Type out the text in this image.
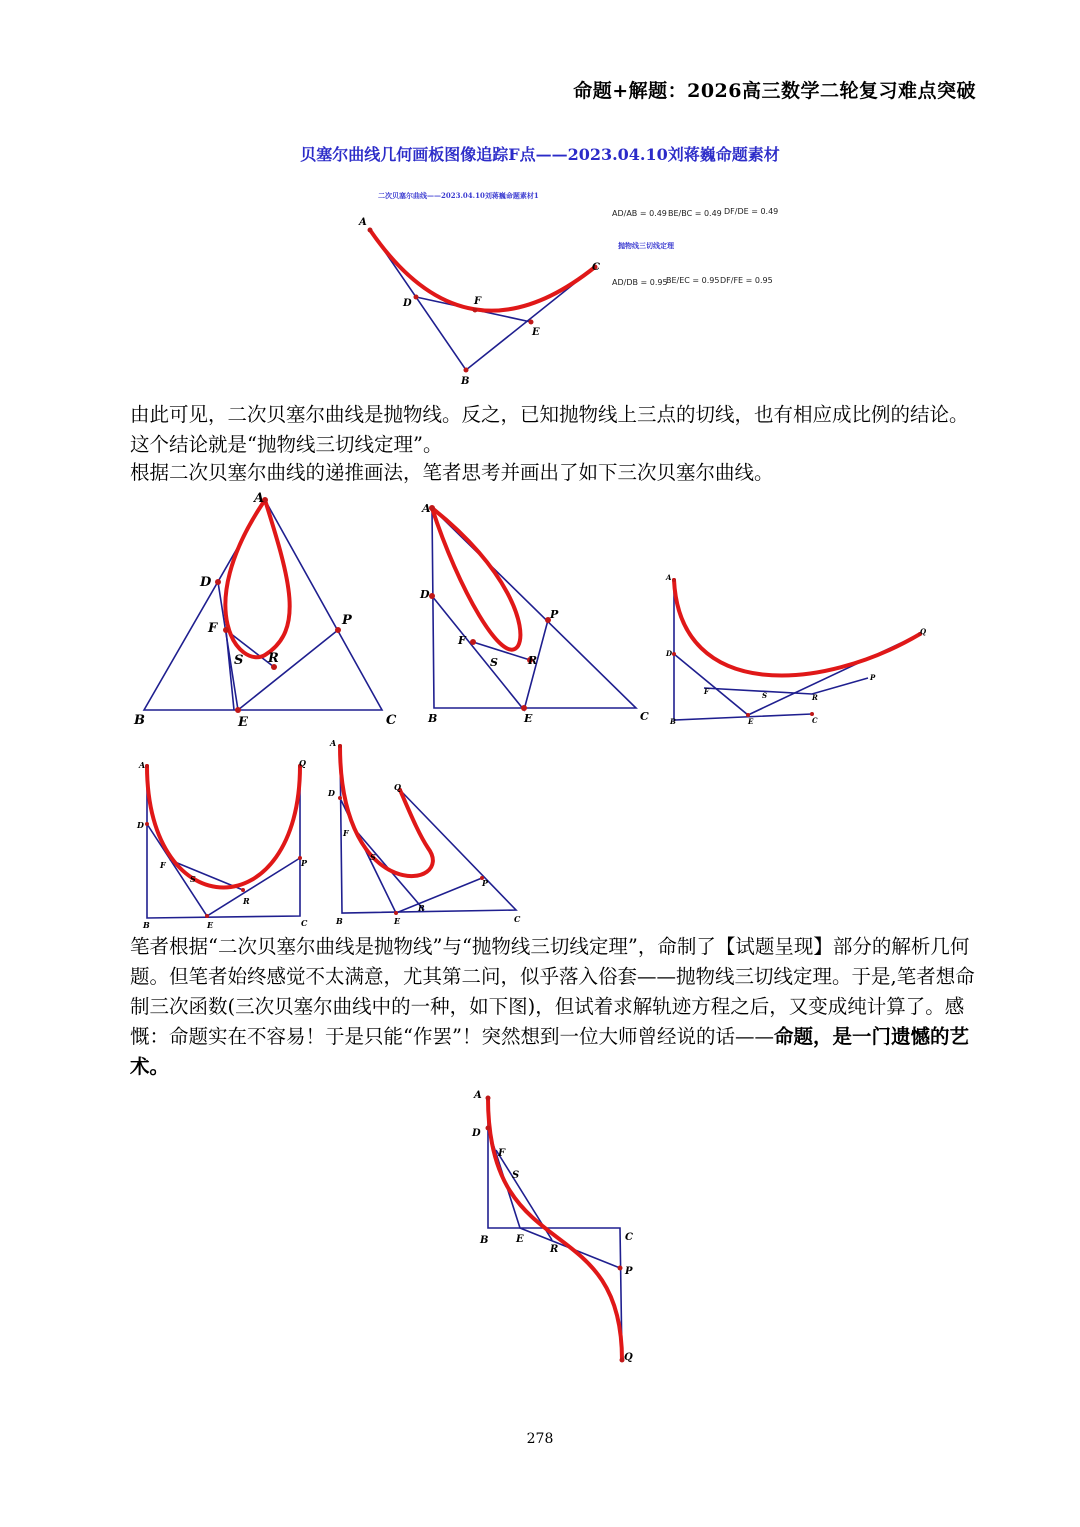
命题+解题：2026高三数学二轮复习难点突破
贝塞尔曲线几何画板图像追踪F点——2023.04.10刘蒋巍命题素材
二次贝塞尔曲线——2023.04.10刘蒋巍命题素材1
A
B
C
D
E
F
AD/AB = 0.49 BE/BC = 0.49 DF/DE = 0.49
抛物线三切线定理
AD/DB = 0.95
BE/EC = 0.95 DF/FE = 0.95
由此可见，二次贝塞尔曲线是抛物线。反之，已知抛物线上三点的切线，也有相应成比例的结论。这个结论就是“抛物线三切线定理”。
根据二次贝塞尔曲线的递推画法，笔者思考并画出了如下三次贝塞尔曲线。
A
D
F
S R
P
B	E	C
A
D
F
S	R
P
B	E	C
A
D
F	S	R
P
Q
B	E	C
A
D
F
S
R
P
Q
B	E	C
A
D
F
S
R
P
Q
B	E	C
笔者根据“二次贝塞尔曲线是抛物线”与“抛物线三切线定理”，命制了【试题呈现】部分的解析几何题。但笔者始终感觉不太满意，尤其第二问，似乎落入俗套——抛物线三切线定理。于是,笔者想命制三次函数(三次贝塞尔曲线中的一种，如下图)，但试着求解轨迹方程之后，又变成纯计算了。感慨：命题实在不容易！于是只能“作罢”！突然想到一位大师曾经说的话——命题，是一门遗憾的艺术。
A
D
F
S
R
P
Q
B	E	C
278
